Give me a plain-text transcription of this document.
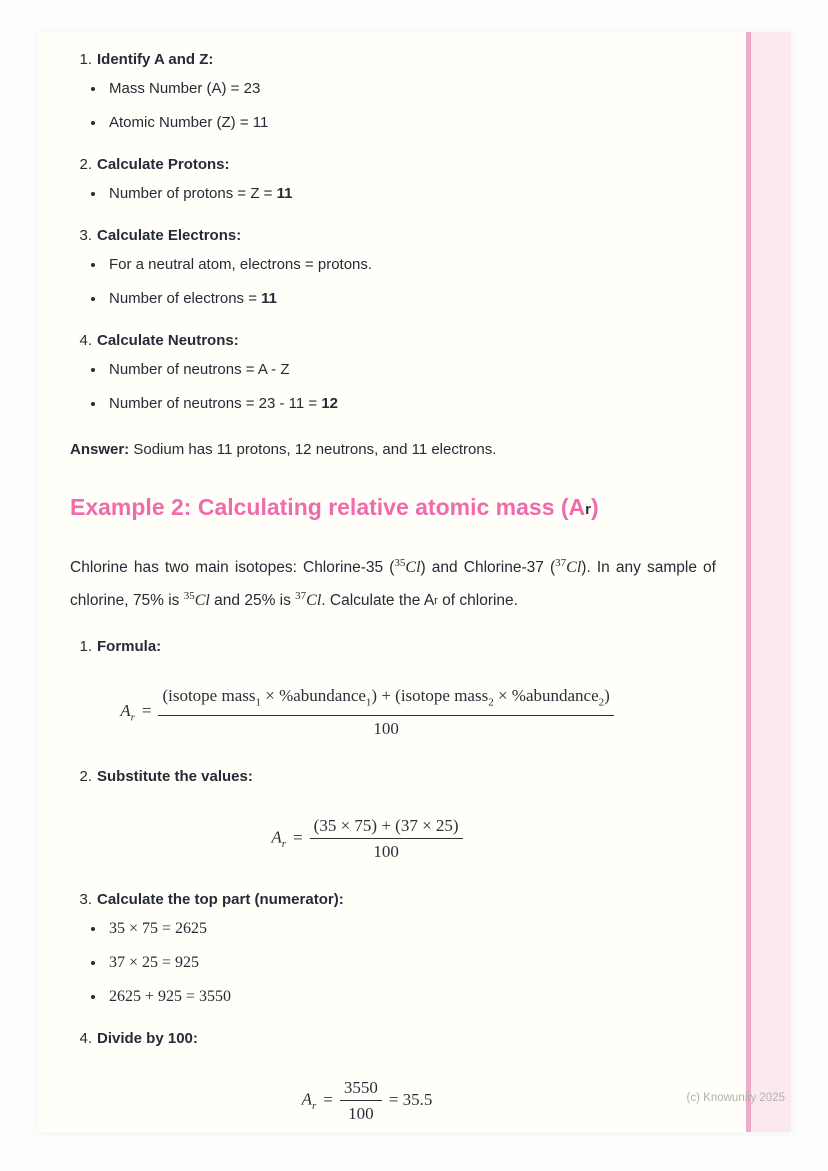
1. Identify A and Z:
• Mass Number (A) = 23
• Atomic Number (Z) = 11
2. Calculate Protons:
• Number of protons = Z = 11
3. Calculate Electrons:
• For a neutral atom, electrons = protons.
• Number of electrons = 11
4. Calculate Neutrons:
• Number of neutrons = A - Z
• Number of neutrons = 23 - 11 = 12

Answer: Sodium has 11 protons, 12 neutrons, and 11 electrons.

Example 2: Calculating relative atomic mass (Ar)

Chlorine has two main isotopes: Chlorine-35 ($^{35}$Cl) and Chlorine-37 ($^{37}$Cl). In any sample of chlorine, 75% is $^{35}$Cl and 25% is $^{37}$Cl. Calculate the Ar of chlorine.

1. Formula:
$A_r$ =
(isotope mass$_1$ × %abundance$_1$) + (isotope mass$_2$ × %abundance$_2$)
100
2. Substitute the values:
$A_r = \frac{(35 \times 75) + (37 \times 25)}{100}$
3. Calculate the top part (numerator):
• 35 × 75 = 2625
• 37 × 25 = 925
• 2625 + 925 = 3550
4. Divide by 100:
$A_r = \frac{3550}{100} = 35.5$	(c) Knowunity 2025
